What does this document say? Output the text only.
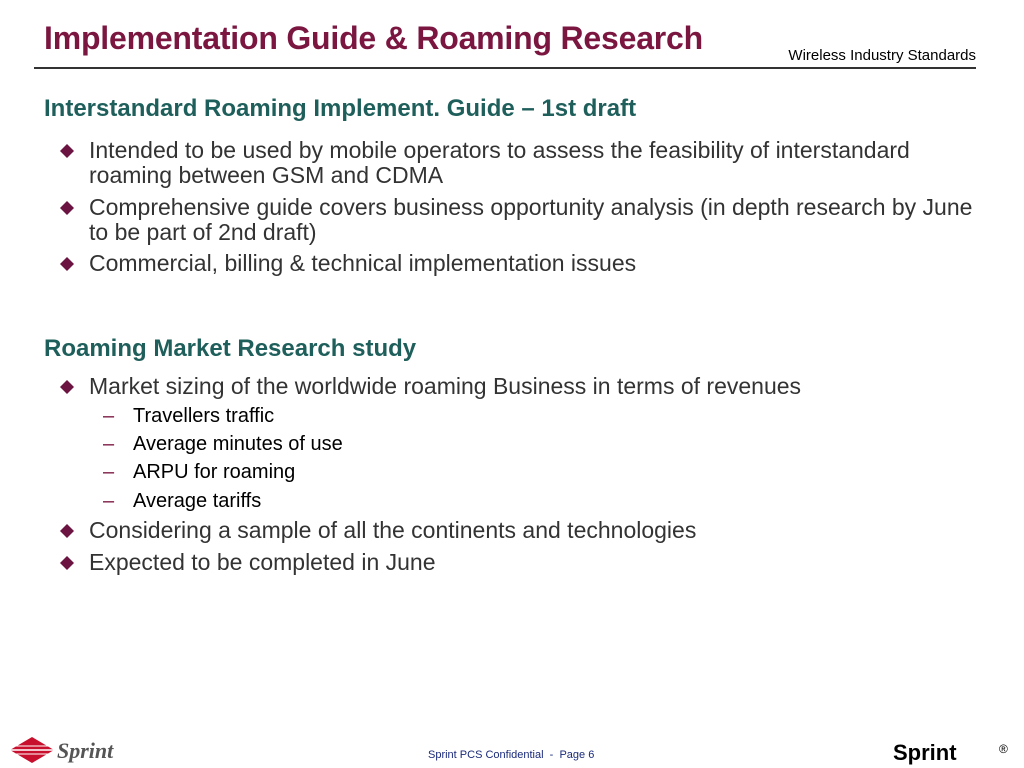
Implementation Guide & Roaming Research	Wireless Industry Standards
Interstandard Roaming Implement. Guide – 1st draft
Intended to be used by mobile operators to assess the feasibility of interstandard roaming between GSM and CDMA
Comprehensive guide covers business opportunity analysis (in depth research by June to be part of 2nd draft)
Commercial, billing & technical implementation issues
Roaming Market Research study
Market sizing of the worldwide roaming Business in terms of revenues
– Travellers traffic
– Average minutes of use
– ARPU for roaming
– Average tariffs
Considering a sample of all the continents and technologies
Expected to be completed in June
Sprint	Sprint PCS Confidential  -  Page 6	Sprint	®
